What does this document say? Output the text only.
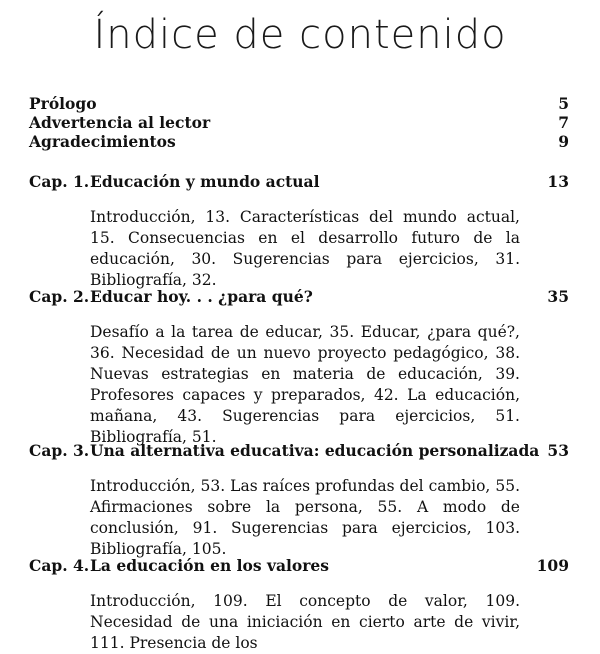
Índice de contenido
Prólogo	5
Advertencia al lector	7
Agradecimientos	9
Cap. 1. Educación y mundo actual	13
Introducción, 13. Características del mundo actual, 15. Consecuencias en el desarrollo futuro de la educación, 30. Sugerencias para ejercicios, 31. Bibliografía, 32.
Cap. 2. Educar hoy. . . ¿para qué?	35
Desafío a la tarea de educar, 35. Educar, ¿para qué?, 36. Necesidad de un nuevo proyecto pedagógico, 38. Nuevas estrategias en materia de educación, 39. Profesores capaces y preparados, 42. La educación, mañana, 43. Sugerencias para ejercicios, 51. Bibliografía, 51.
Cap. 3. Una alternativa educativa: educación personalizada 53
Introducción, 53. Las raíces profundas del cambio, 55. Afirmaciones sobre la persona, 55. A modo de conclusión, 91. Sugerencias para ejercicios, 103. Bibliografía, 105.
Cap. 4. La educación en los valores	109
Introducción, 109. El concepto de valor, 109. Necesidad de una iniciación en cierto arte de vivir, 111. Presencia de los
